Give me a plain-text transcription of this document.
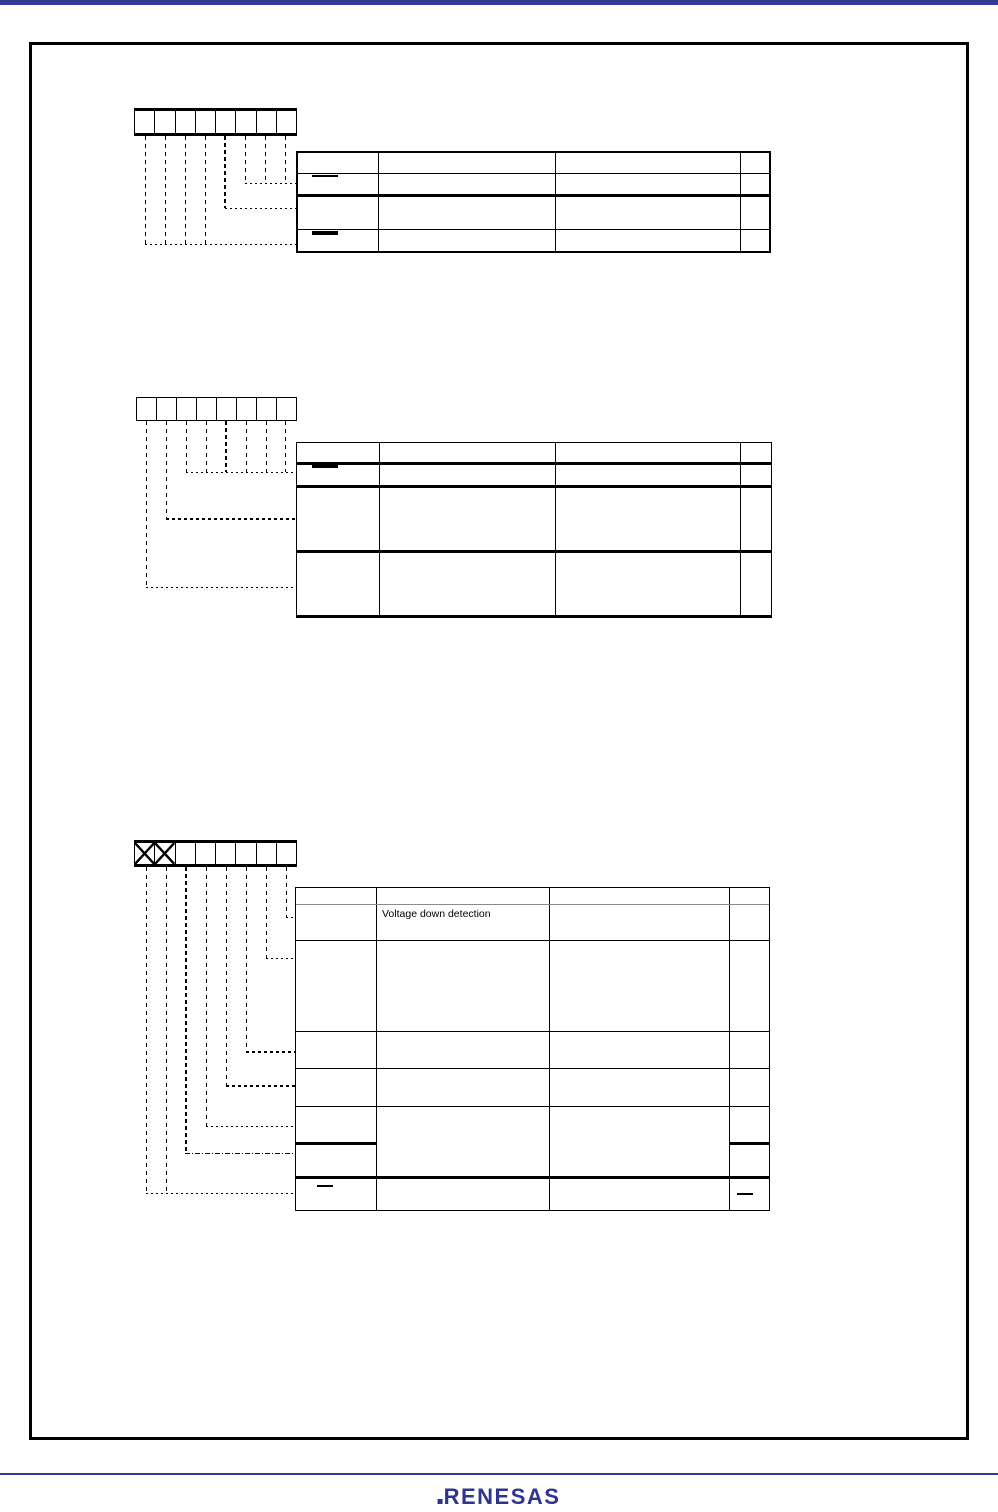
Voltage down detection
RENESAS
